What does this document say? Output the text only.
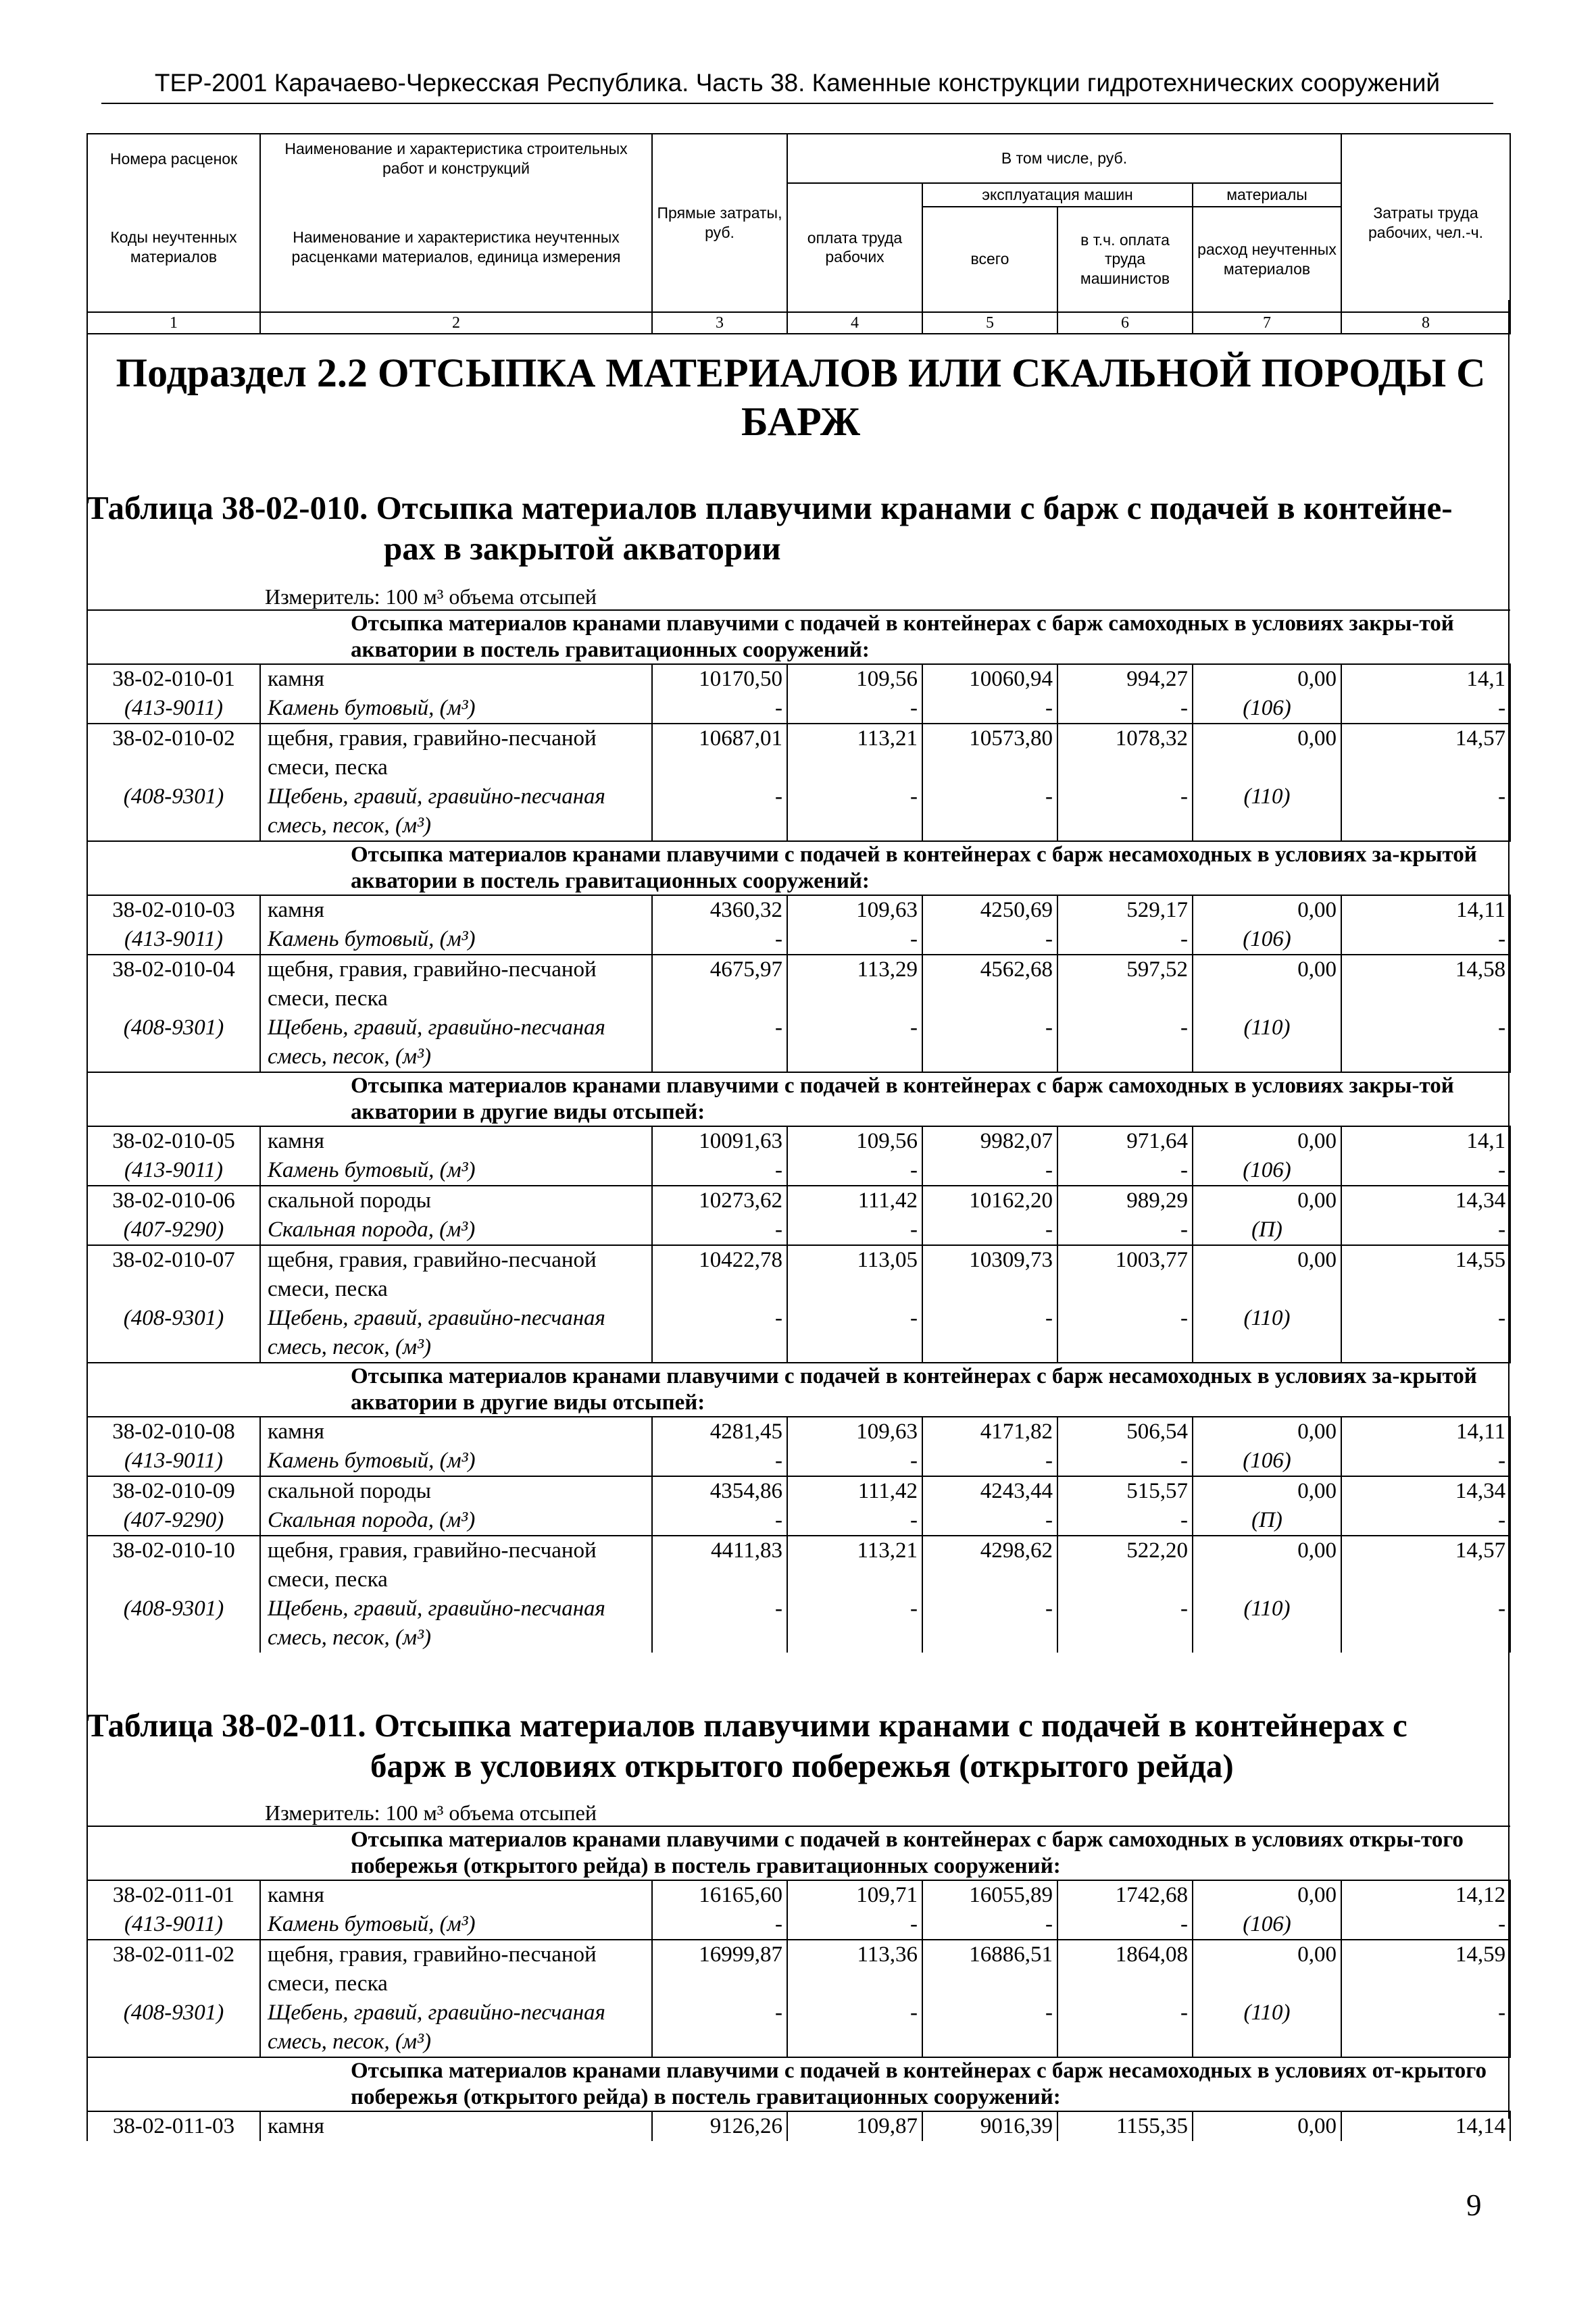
ТЕР-2001 Карачаево-Черкесская Республика. Часть 38. Каменные конструкции гидротехнических сооружений
Номера расценок	Наименование и характеристика строительных работ и конструкций	Прямые затраты, руб.	В том числе, руб.				Затраты труда рабочих, чел.-ч.
Коды неучтенных материалов	Наименование и характеристика неучтенных расценками материалов, единица измерения		оплата труда рабочих	эксплуатация машин		материалы	
				всего	в т.ч. оплата труда машинистов	расход неучтенных материалов	

1	2	3	4	5	6	7	8
Подраздел 2.2 ОТСЫПКА МАТЕРИАЛОВ ИЛИ СКАЛЬНОЙ ПОРОДЫ С БАРЖ
Таблица 38-02-010. Отсыпка материалов плавучими кранами с барж с подачей в контейне-
рах в закрытой акватории
Измеритель: 100 м³ объема отсыпей
Отсыпка материалов кранами плавучими с подачей в контейнерах с барж самоходных в условиях закры-той акватории в постель гравитационных сооружений:							
38-02-010-01	камня	10170,50	109,56	10060,94	994,27	0,00	14,1
(413-9011)	Камень бутовый, (м³)	-	-	-	-	(106)	-
38-02-010-02	щебня, гравия, гравийно-песчаной смеси, песка	10687,01	113,21	10573,80	1078,32	0,00	14,57
(408-9301)	Щебень, гравий, гравийно-песчаная смесь, песок, (м³)	-	-	-	-	(110)	-
Отсыпка материалов кранами плавучими с подачей в контейнерах с барж несамоходных в условиях за-крытой акватории в постель гравитационных сооружений:							
38-02-010-03	камня	4360,32	109,63	4250,69	529,17	0,00	14,11
(413-9011)	Камень бутовый, (м³)	-	-	-	-	(106)	-
38-02-010-04	щебня, гравия, гравийно-песчаной смеси, песка	4675,97	113,29	4562,68	597,52	0,00	14,58
(408-9301)	Щебень, гравий, гравийно-песчаная смесь, песок, (м³)	-	-	-	-	(110)	-
Отсыпка материалов кранами плавучими с подачей в контейнерах с барж самоходных в условиях закры-той акватории в другие виды отсыпей:							
38-02-010-05	камня	10091,63	109,56	9982,07	971,64	0,00	14,1
(413-9011)	Камень бутовый, (м³)	-	-	-	-	(106)	-
38-02-010-06	скальной породы	10273,62	111,42	10162,20	989,29	0,00	14,34
(407-9290)	Скальная порода, (м³)	-	-	-	-	(П)	-
38-02-010-07	щебня, гравия, гравийно-песчаной смеси, песка	10422,78	113,05	10309,73	1003,77	0,00	14,55
(408-9301)	Щебень, гравий, гравийно-песчаная смесь, песок, (м³)	-	-	-	-	(110)	-
Отсыпка материалов кранами плавучими с подачей в контейнерах с барж несамоходных в условиях за-крытой акватории в другие виды отсыпей:							
38-02-010-08	камня	4281,45	109,63	4171,82	506,54	0,00	14,11
(413-9011)	Камень бутовый, (м³)	-	-	-	-	(106)	-
38-02-010-09	скальной породы	4354,86	111,42	4243,44	515,57	0,00	14,34
(407-9290)	Скальная порода, (м³)	-	-	-	-	(П)	-
38-02-010-10	щебня, гравия, гравийно-песчаной смеси, песка	4411,83	113,21	4298,62	522,20	0,00	14,57
(408-9301)	Щебень, гравий, гравийно-песчаная смесь, песок, (м³)	-	-	-	-	(110)	-
Таблица 38-02-011. Отсыпка материалов плавучими кранами с подачей в контейнерах с
барж в условиях открытого побережья (открытого рейда)
Измеритель: 100 м³ объема отсыпей
Отсыпка материалов кранами плавучими с подачей в контейнерах с барж самоходных в условиях откры-того побережья (открытого рейда) в постель гравитационных сооружений:							
38-02-011-01	камня	16165,60	109,71	16055,89	1742,68	0,00	14,12
(413-9011)	Камень бутовый, (м³)	-	-	-	-	(106)	-
38-02-011-02	щебня, гравия, гравийно-песчаной смеси, песка	16999,87	113,36	16886,51	1864,08	0,00	14,59
(408-9301)	Щебень, гравий, гравийно-песчаная смесь, песок, (м³)	-	-	-	-	(110)	-
Отсыпка материалов кранами плавучими с подачей в контейнерах с барж несамоходных в условиях от-крытого побережья (открытого рейда) в постель гравитационных сооружений:							
38-02-011-03	камня	9126,26	109,87	9016,39	1155,35	0,00	14,14
9
